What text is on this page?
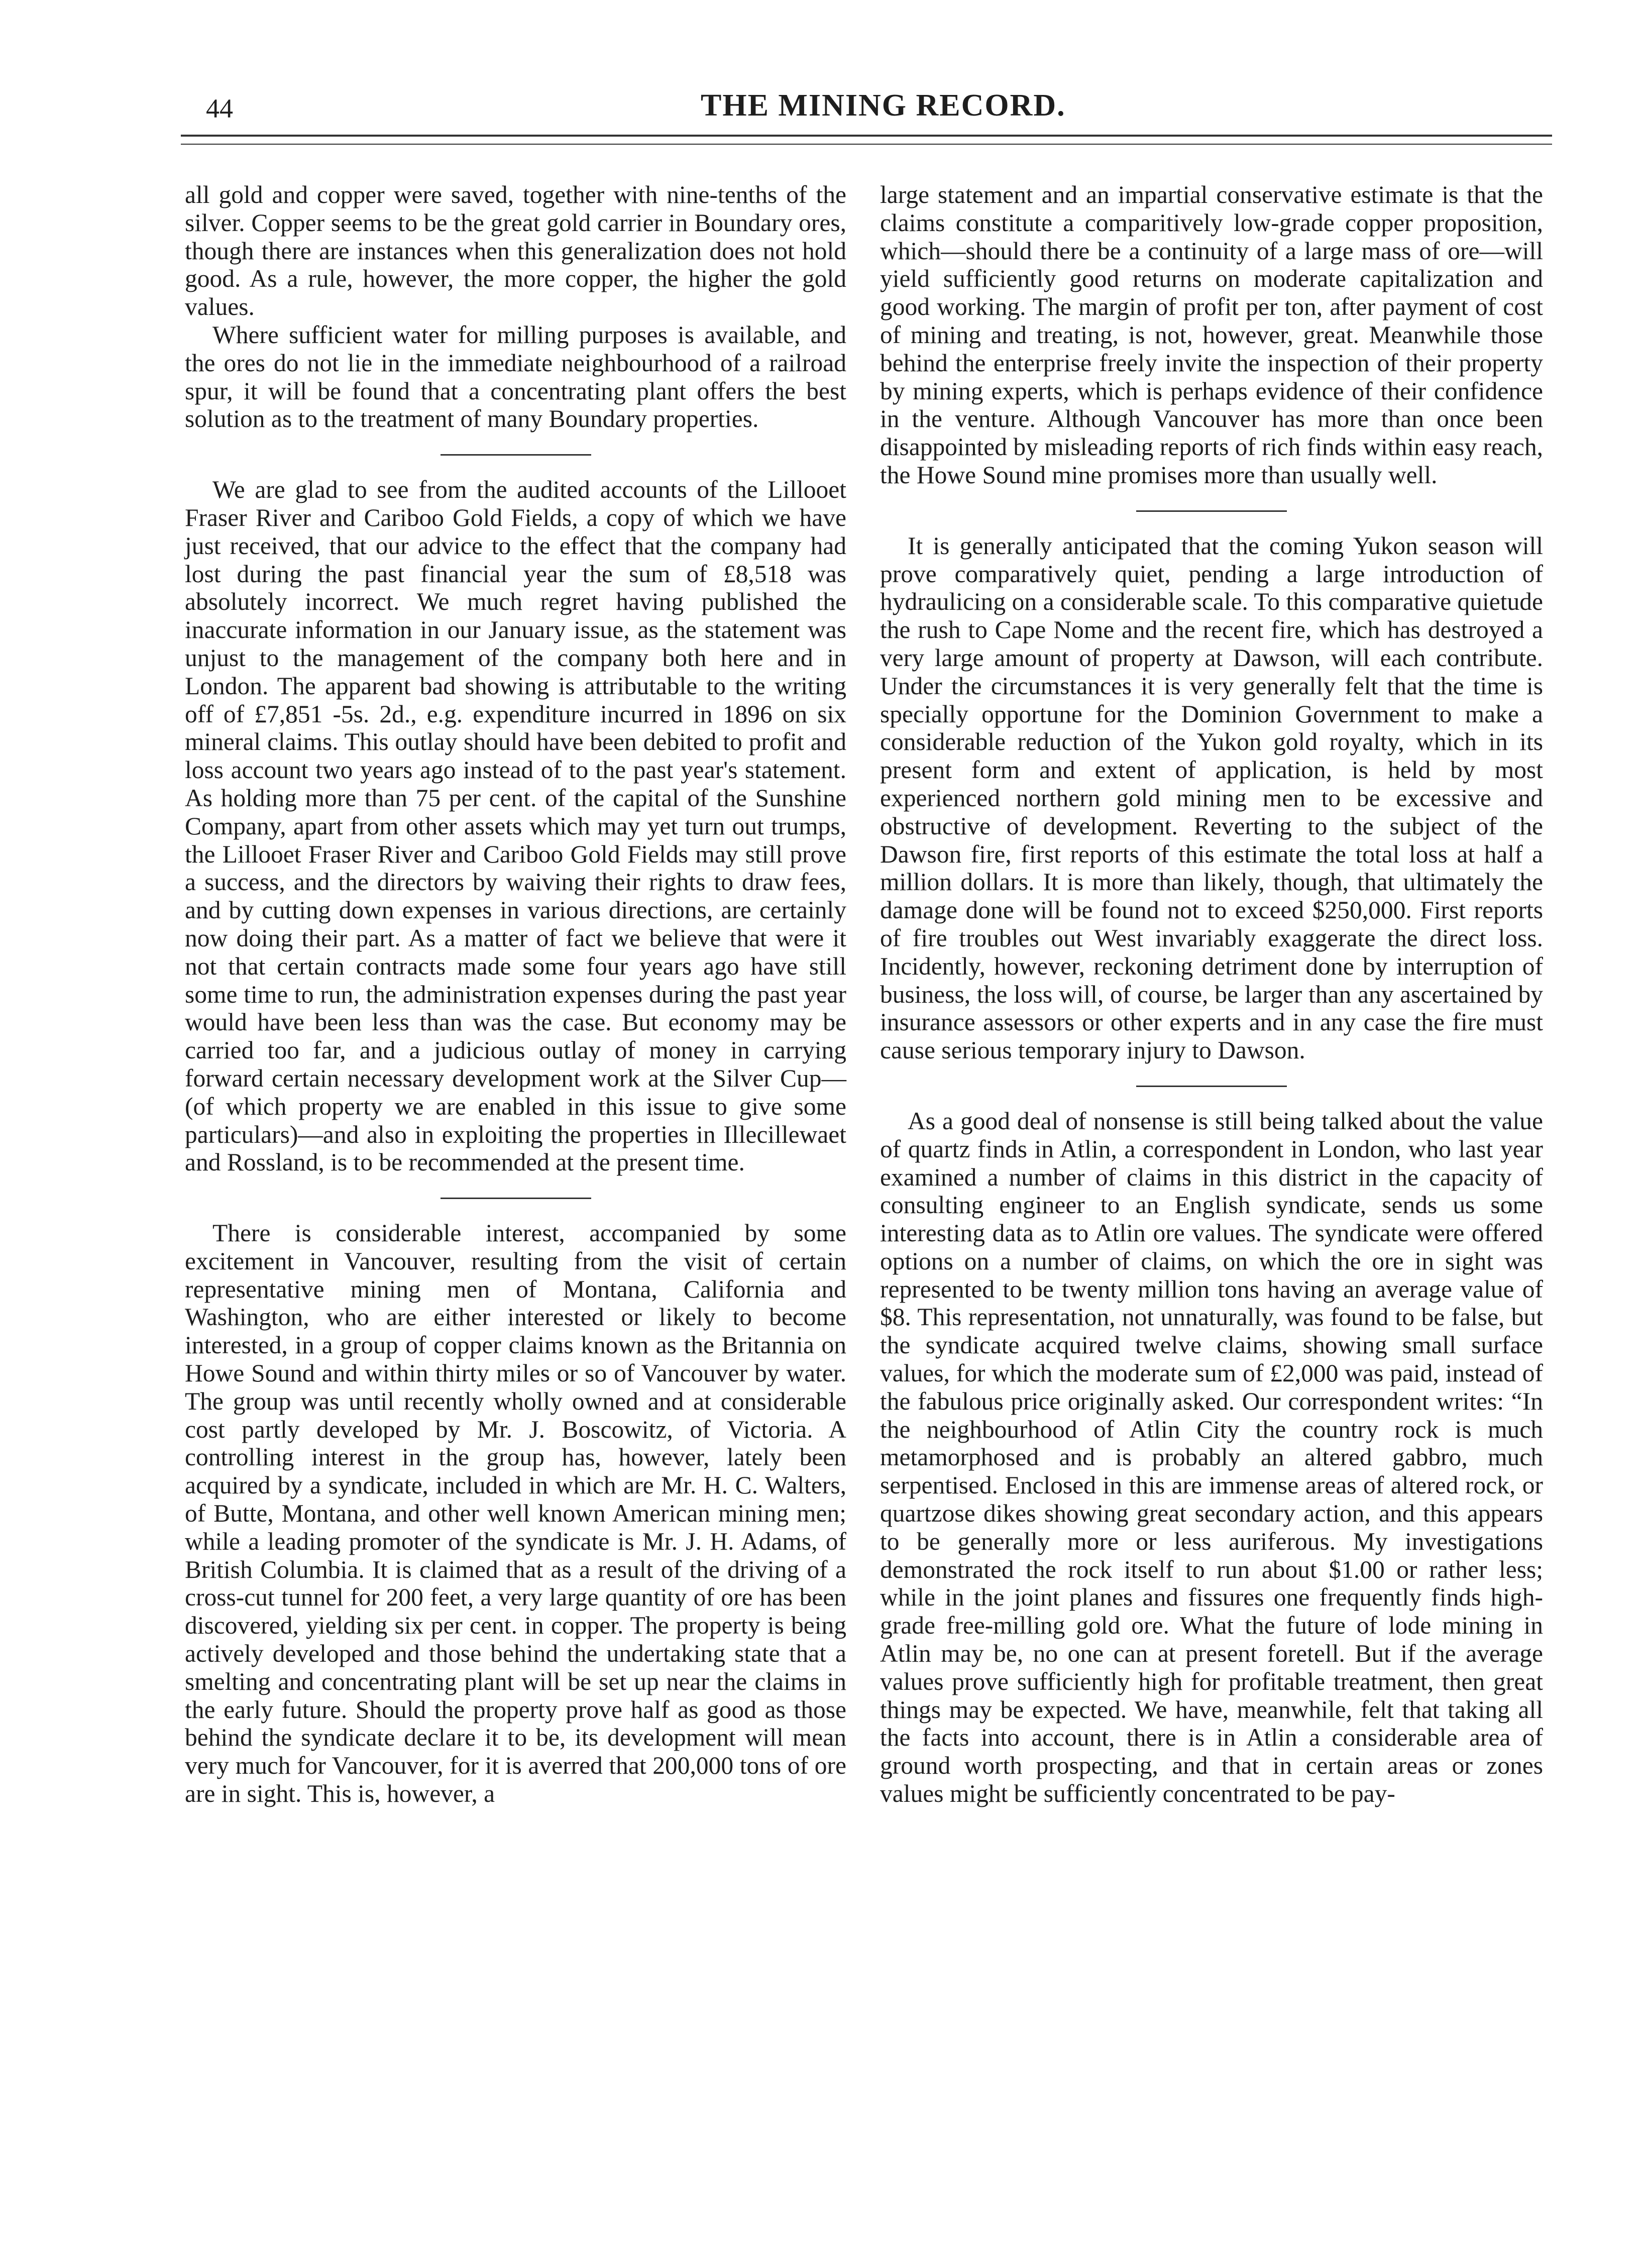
44	THE MINING RECORD.

all gold and copper were saved, together with nine-tenths of the silver. Copper seems to be the great gold carrier in Boundary ores, though there are instances when this generalization does not hold good. As a rule, however, the more copper, the higher the gold values.

Where sufficient water for milling purposes is available, and the ores do not lie in the immediate neighbourhood of a railroad spur, it will be found that a concentrating plant offers the best solution as to the treatment of many Boundary properties.

We are glad to see from the audited accounts of the Lillooet Fraser River and Cariboo Gold Fields, a copy of which we have just received, that our advice to the effect that the company had lost during the past financial year the sum of £8,518 was absolutely incorrect. We much regret having published the inaccurate information in our January issue, as the statement was unjust to the management of the company both here and in London. The apparent bad showing is attributable to the writing off of £7,851 -5s. 2d., e.g. expenditure incurred in 1896 on six mineral claims. This outlay should have been debited to profit and loss account two years ago instead of to the past year's statement. As holding more than 75 per cent. of the capital of the Sunshine Company, apart from other assets which may yet turn out trumps, the Lillooet Fraser River and Cariboo Gold Fields may still prove a success, and the directors by waiving their rights to draw fees, and by cutting down expenses in various directions, are certainly now doing their part. As a matter of fact we believe that were it not that certain contracts made some four years ago have still some time to run, the administration expenses during the past year would have been less than was the case. But economy may be carried too far, and a judicious outlay of money in carrying forward certain necessary development work at the Silver Cup—(of which property we are enabled in this issue to give some particulars)—and also in exploiting the properties in Illecillewaet and Rossland, is to be recommended at the present time.

There is considerable interest, accompanied by some excitement in Vancouver, resulting from the visit of certain representative mining men of Montana, California and Washington, who are either interested or likely to become interested, in a group of copper claims known as the Britannia on Howe Sound and within thirty miles or so of Vancouver by water. The group was until recently wholly owned and at considerable cost partly developed by Mr. J. Boscowitz, of Victoria. A controlling interest in the group has, however, lately been acquired by a syndicate, included in which are Mr. H. C. Walters, of Butte, Montana, and other well known American mining men; while a leading promoter of the syndicate is Mr. J. H. Adams, of British Columbia. It is claimed that as a result of the driving of a cross-cut tunnel for 200 feet, a very large quantity of ore has been discovered, yielding six per cent. in copper. The property is being actively developed and those behind the undertaking state that a smelting and concentrating plant will be set up near the claims in the early future. Should the property prove half as good as those behind the syndicate declare it to be, its development will mean very much for Vancouver, for it is averred that 200,000 tons of ore are in sight. This is, however, a

large statement and an impartial conservative estimate is that the claims constitute a comparitively low-grade copper proposition, which—should there be a continuity of a large mass of ore—will yield sufficiently good returns on moderate capitalization and good working. The margin of profit per ton, after payment of cost of mining and treating, is not, however, great. Meanwhile those behind the enterprise freely invite the inspection of their property by mining experts, which is perhaps evidence of their confidence in the venture. Although Vancouver has more than once been disappointed by misleading reports of rich finds within easy reach, the Howe Sound mine promises more than usually well.

It is generally anticipated that the coming Yukon season will prove comparatively quiet, pending a large introduction of hydraulicing on a considerable scale. To this comparative quietude the rush to Cape Nome and the recent fire, which has destroyed a very large amount of property at Dawson, will each contribute. Under the circumstances it is very generally felt that the time is specially opportune for the Dominion Government to make a considerable reduction of the Yukon gold royalty, which in its present form and extent of application, is held by most experienced northern gold mining men to be excessive and obstructive of development. Reverting to the subject of the Dawson fire, first reports of this estimate the total loss at half a million dollars. It is more than likely, though, that ultimately the damage done will be found not to exceed $250,000. First reports of fire troubles out West invariably exaggerate the direct loss. Incidently, however, reckoning detriment done by interruption of business, the loss will, of course, be larger than any ascertained by insurance assessors or other experts and in any case the fire must cause serious temporary injury to Dawson.

As a good deal of nonsense is still being talked about the value of quartz finds in Atlin, a correspondent in London, who last year examined a number of claims in this district in the capacity of consulting engineer to an English syndicate, sends us some interesting data as to Atlin ore values. The syndicate were offered options on a number of claims, on which the ore in sight was represented to be twenty million tons having an average value of $8. This representation, not unnaturally, was found to be false, but the syndicate acquired twelve claims, showing small surface values, for which the moderate sum of £2,000 was paid, instead of the fabulous price originally asked. Our correspondent writes: “In the neighbourhood of Atlin City the country rock is much metamorphosed and is probably an altered gabbro, much serpentised. Enclosed in this are immense areas of altered rock, or quartzose dikes showing great secondary action, and this appears to be generally more or less auriferous. My investigations demonstrated the rock itself to run about $1.00 or rather less; while in the joint planes and fissures one frequently finds high-grade free-milling gold ore. What the future of lode mining in Atlin may be, no one can at present foretell. But if the average values prove sufficiently high for profitable treatment, then great things may be expected. We have, meanwhile, felt that taking all the facts into account, there is in Atlin a considerable area of ground worth prospecting, and that in certain areas or zones values might be sufficiently concentrated to be pay-
